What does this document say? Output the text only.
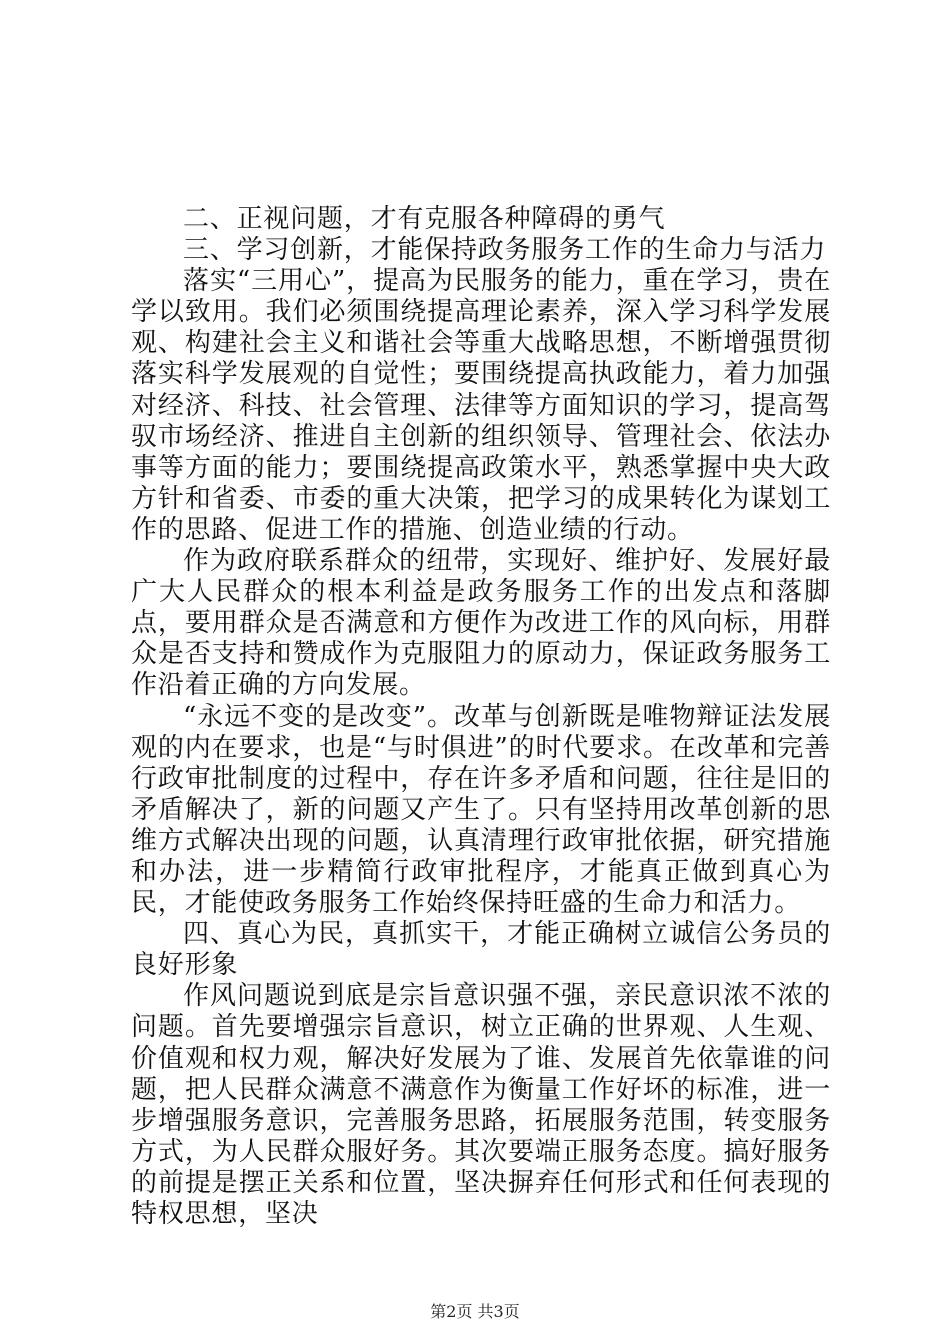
二、正视问题，才有克服各种障碍的勇气

三、学习创新，才能保持政务服务工作的生命力与活力

落实“三用心”，提高为民服务的能力，重在学习，贵在学以致用。我们必须围绕提高理论素养，深入学习科学发展观、构建社会主义和谐社会等重大战略思想，不断增强贯彻落实科学发展观的自觉性；要围绕提高执政能力，着力加强对经济、科技、社会管理、法律等方面知识的学习，提高驾驭市场经济、推进自主创新的组织领导、管理社会、依法办事等方面的能力；要围绕提高政策水平，熟悉掌握中央大政方针和省委、市委的重大决策，把学习的成果转化为谋划工作的思路、促进工作的措施、创造业绩的行动。

作为政府联系群众的纽带，实现好、维护好、发展好最广大人民群众的根本利益是政务服务工作的出发点和落脚点，要用群众是否满意和方便作为改进工作的风向标，用群众是否支持和赞成作为克服阻力的原动力，保证政务服务工作沿着正确的方向发展。

“永远不变的是改变”。改革与创新既是唯物辩证法发展观的内在要求，也是“与时俱进”的时代要求。在改革和完善行政审批制度的过程中，存在许多矛盾和问题，往往是旧的矛盾解决了，新的问题又产生了。只有坚持用改革创新的思维方式解决出现的问题，认真清理行政审批依据，研究措施和办法，进一步精简行政审批程序，才能真正做到真心为民，才能使政务服务工作始终保持旺盛的生命力和活力。

四、真心为民，真抓实干，才能正确树立诚信公务员的良好形象

作风问题说到底是宗旨意识强不强，亲民意识浓不浓的问题。首先要增强宗旨意识，树立正确的世界观、人生观、价值观和权力观，解决好发展为了谁、发展首先依靠谁的问题，把人民群众满意不满意作为衡量工作好坏的标准，进一步增强服务意识，完善服务思路，拓展服务范围，转变服务方式，为人民群众服好务。其次要端正服务态度。搞好服务的前提是摆正关系和位置，坚决摒弃任何形式和任何表现的特权思想，坚决

第2页 共3页
